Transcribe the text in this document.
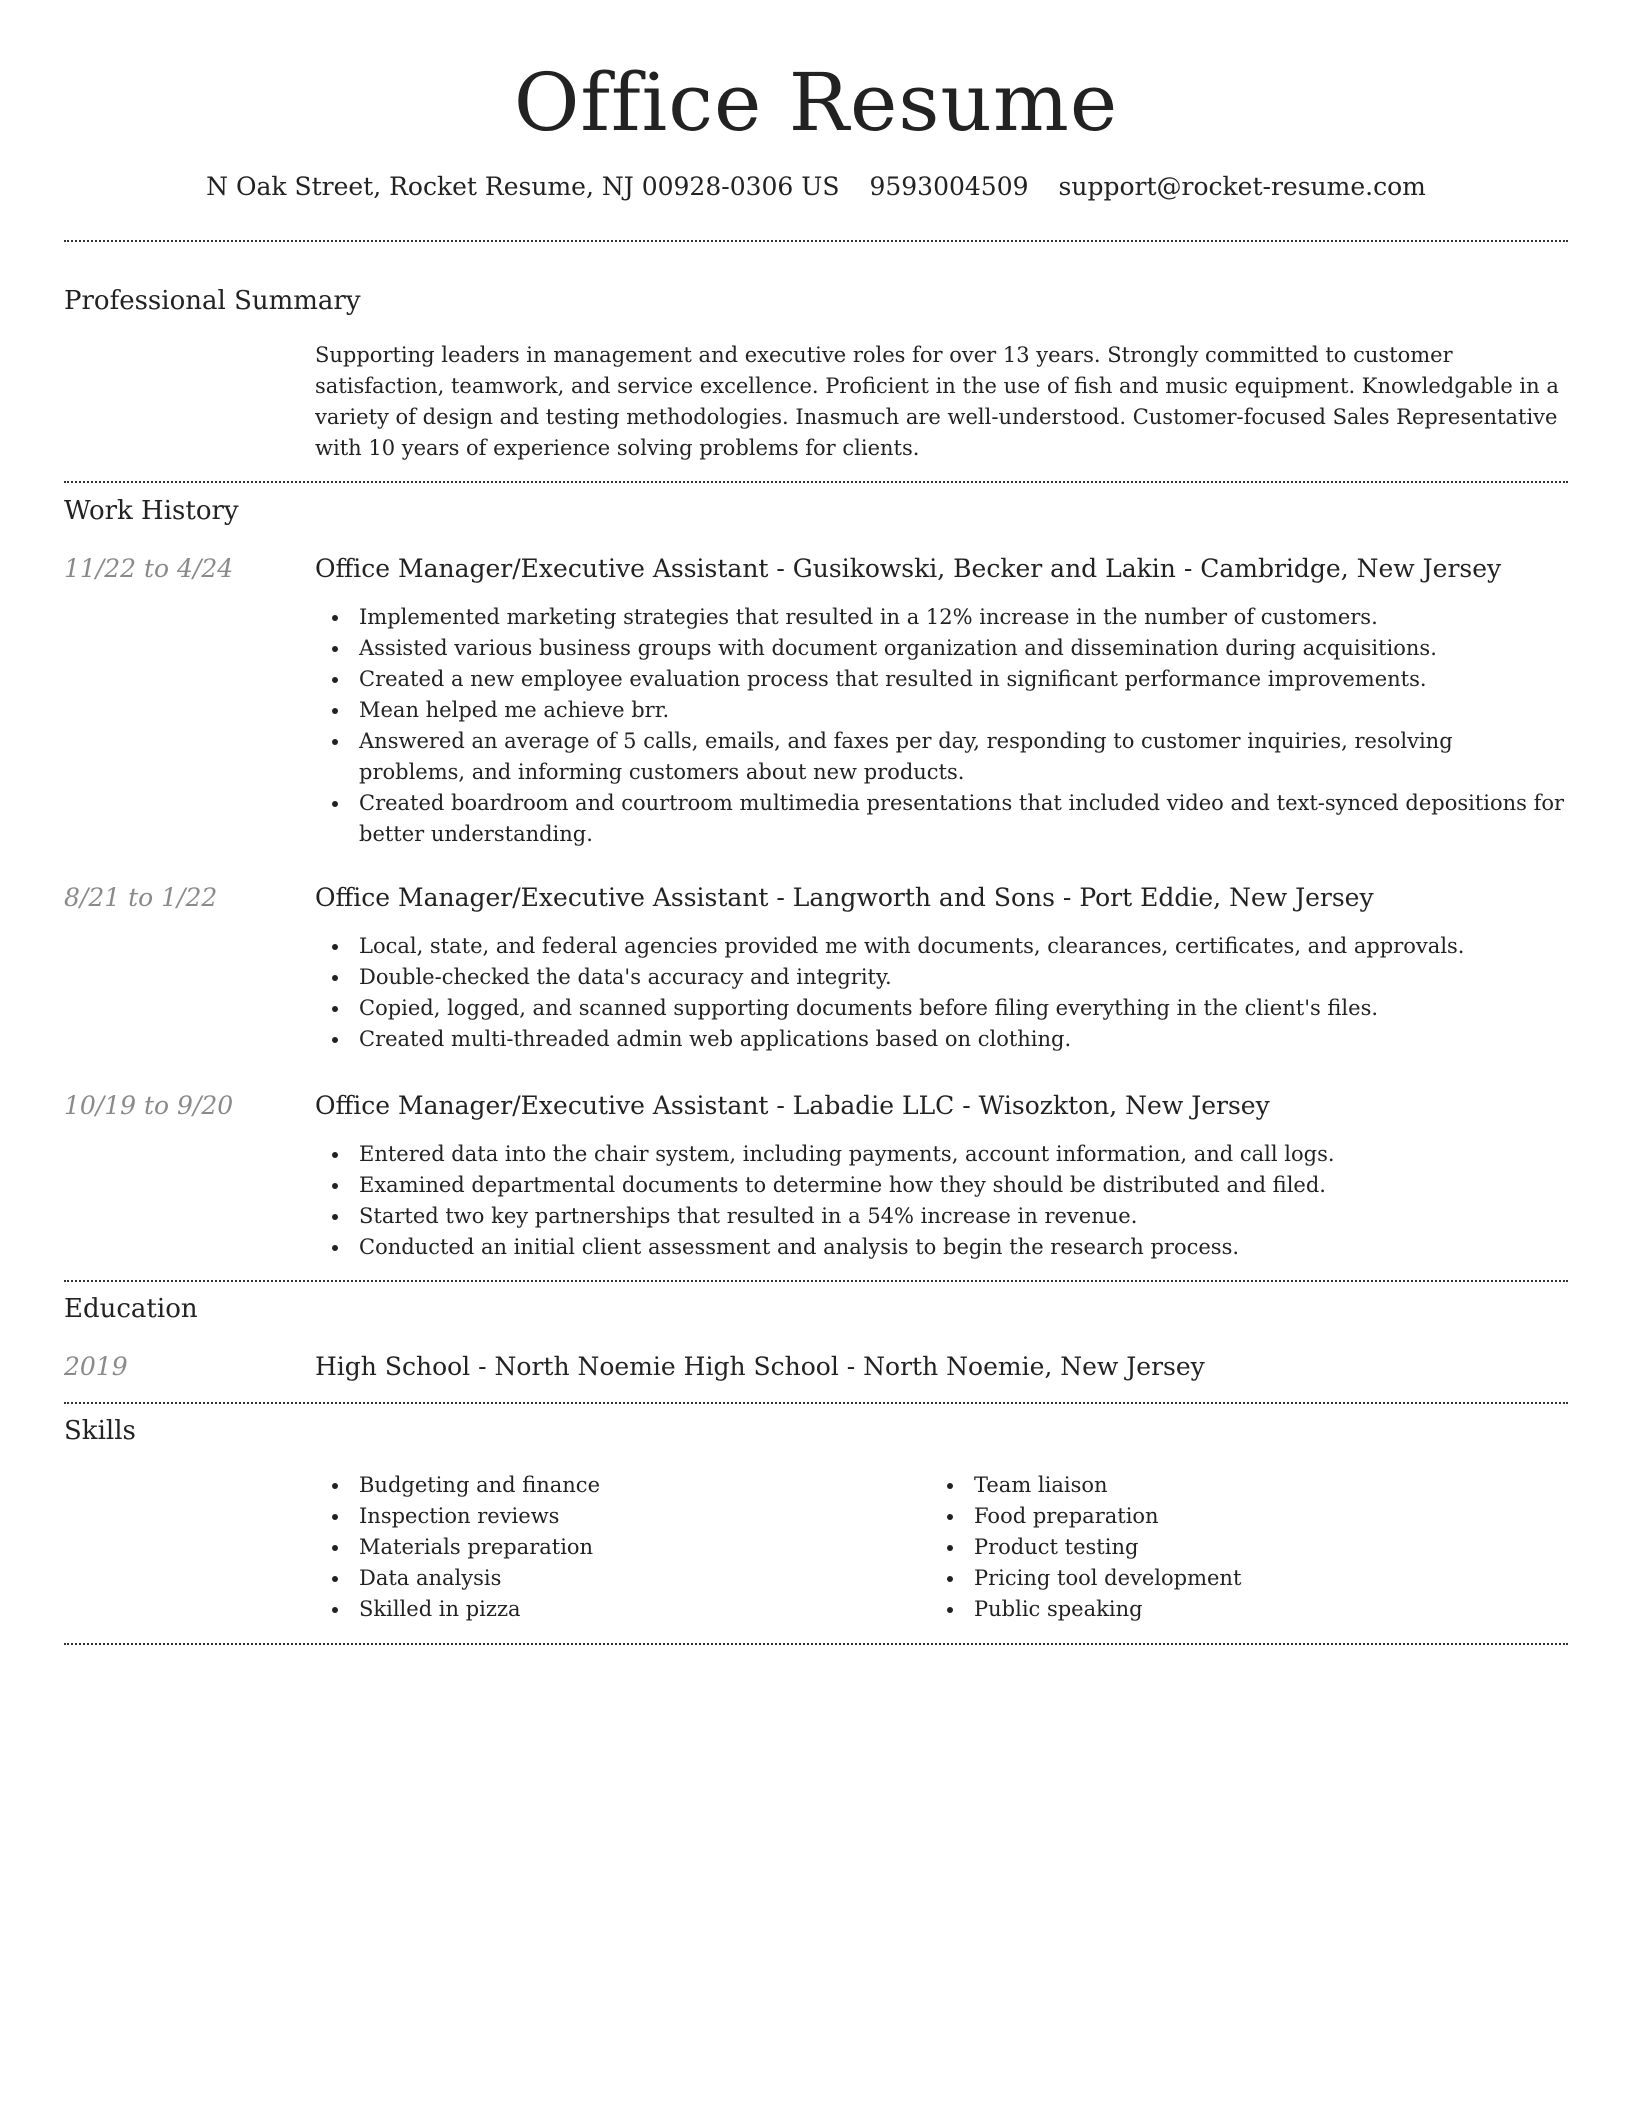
Office Resume
N Oak Street, Rocket Resume, NJ 00928-0306 US 9593004509 support@rocket-resume.com
Professional Summary
Supporting leaders in management and executive roles for over 13 years. Strongly committed to customer satisfaction, teamwork, and service excellence. Proficient in the use of fish and music equipment. Knowledgable in a variety of design and testing methodologies. Inasmuch are well-understood. Customer-focused Sales Representative with 10 years of experience solving problems for clients.
Work History
11/22 to 4/24	Office Manager/Executive Assistant - Gusikowski, Becker and Lakin - Cambridge, New Jersey
Implemented marketing strategies that resulted in a 12% increase in the number of customers.
Assisted various business groups with document organization and dissemination during acquisitions.
Created a new employee evaluation process that resulted in significant performance improvements.
Mean helped me achieve brr.
Answered an average of 5 calls, emails, and faxes per day, responding to customer inquiries, resolving problems, and informing customers about new products.
Created boardroom and courtroom multimedia presentations that included video and text-synced depositions for better understanding.
8/21 to 1/22	Office Manager/Executive Assistant - Langworth and Sons - Port Eddie, New Jersey
Local, state, and federal agencies provided me with documents, clearances, certificates, and approvals.
Double-checked the data's accuracy and integrity.
Copied, logged, and scanned supporting documents before filing everything in the client's files.
Created multi-threaded admin web applications based on clothing.
10/19 to 9/20	Office Manager/Executive Assistant - Labadie LLC - Wisozkton, New Jersey
Entered data into the chair system, including payments, account information, and call logs.
Examined departmental documents to determine how they should be distributed and filed.
Started two key partnerships that resulted in a 54% increase in revenue.
Conducted an initial client assessment and analysis to begin the research process.
Education
2019	High School - North Noemie High School - North Noemie, New Jersey
Skills
Budgeting and finance
Inspection reviews
Materials preparation
Data analysis
Skilled in pizza
Team liaison
Food preparation
Product testing
Pricing tool development
Public speaking
